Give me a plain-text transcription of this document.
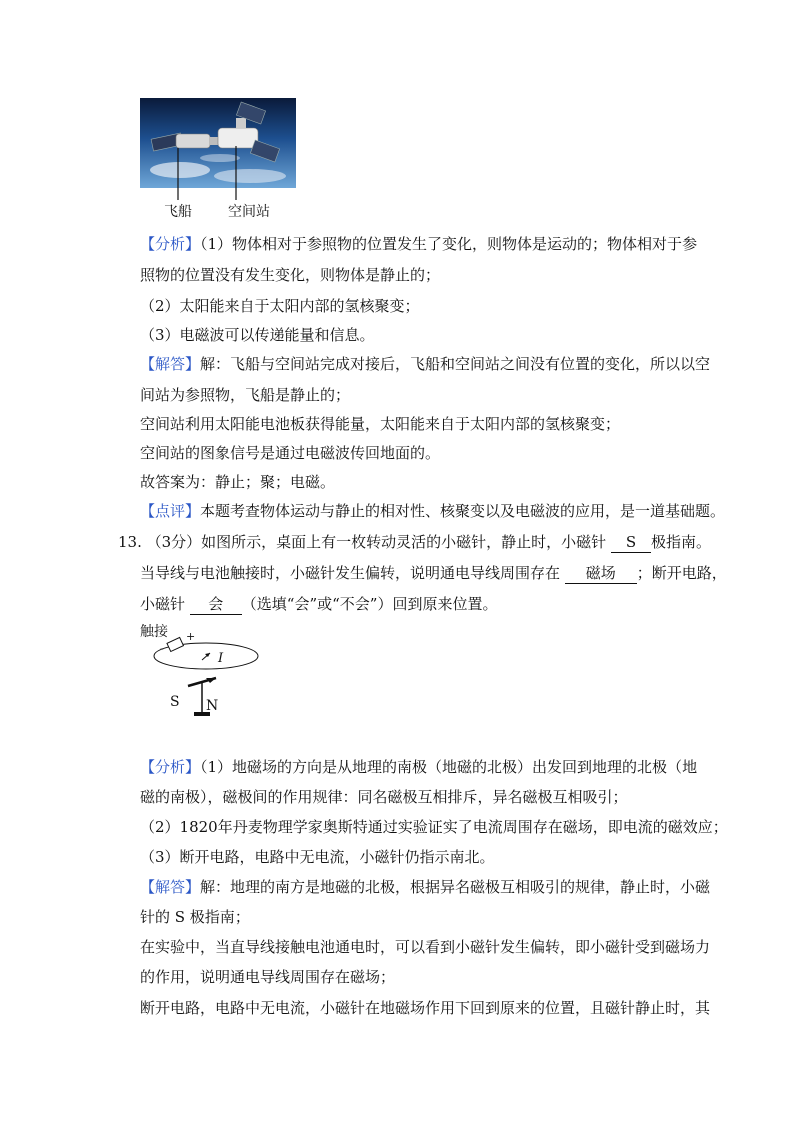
飞船	空间站
【分析】（1）物体相对于参照物的位置发生了变化，则物体是运动的；物体相对于参
照物的位置没有发生变化，则物体是静止的；
（2）太阳能来自于太阳内部的氢核聚变；
（3）电磁波可以传递能量和信息。
【解答】解：飞船与空间站完成对接后，飞船和空间站之间没有位置的变化，所以以空
间站为参照物，飞船是静止的；
空间站利用太阳能电池板获得能量，太阳能来自于太阳内部的氢核聚变；
空间站的图象信号是通过电磁波传回地面的。
故答案为：静止；聚；电磁。
【点评】本题考查物体运动与静止的相对性、核聚变以及电磁波的应用，是一道基础题。
13. （3分）如图所示，桌面上有一枚转动灵活的小磁针，静止时，小磁针 S 极指南。
当导线与电池触接时，小磁针发生偏转，说明通电导线周围存在 磁场 ；断开电路，
小磁针 会 （选填“会”或“不会”）回到原来位置。
触接 +
-
I
S N
【分析】（1）地磁场的方向是从地理的南极（地磁的北极）出发回到地理的北极（地
磁的南极），磁极间的作用规律：同名磁极互相排斥，异名磁极互相吸引；
（2）1820年丹麦物理学家奥斯特通过实验证实了电流周围存在磁场，即电流的磁效应；
（3）断开电路，电路中无电流，小磁针仍指示南北。
【解答】解：地理的南方是地磁的北极，根据异名磁极互相吸引的规律，静止时，小磁
针的 S 极指南；
在实验中，当直导线接触电池通电时，可以看到小磁针发生偏转，即小磁针受到磁场力
的作用，说明通电导线周围存在磁场；
断开电路，电路中无电流，小磁针在地磁场作用下回到原来的位置，且磁针静止时，其
